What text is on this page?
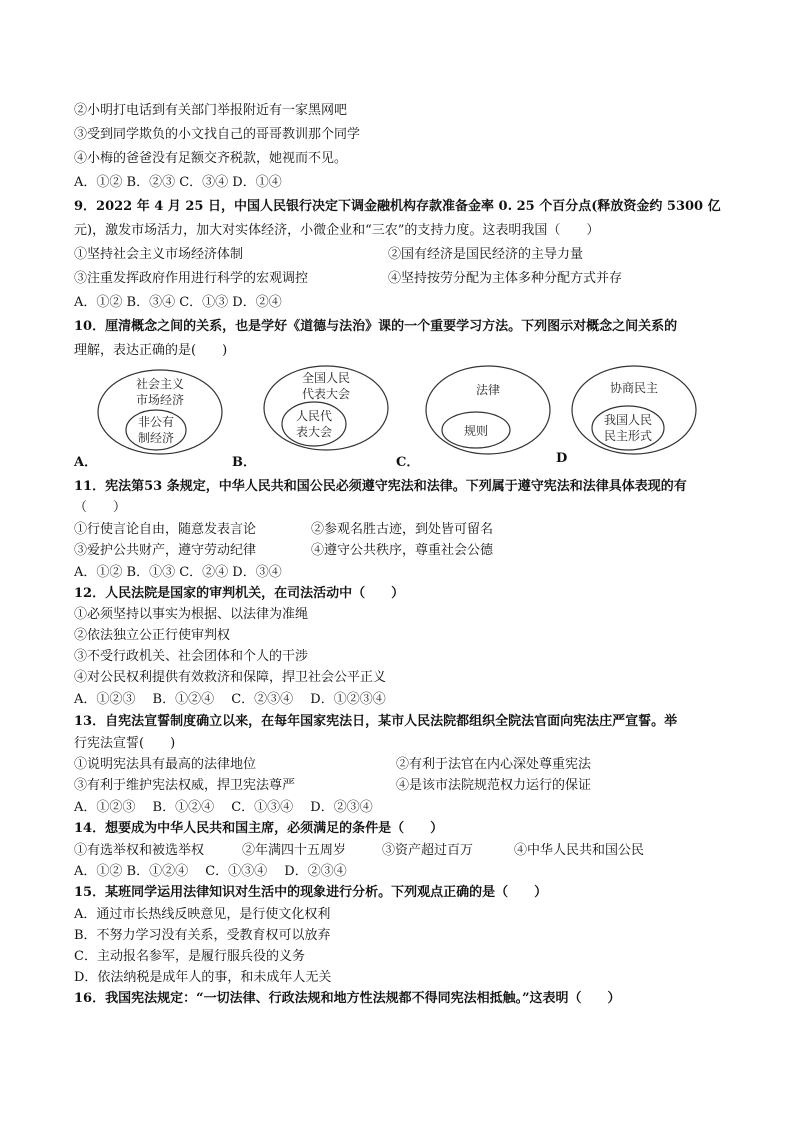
②小明打电话到有关部门举报附近有一家黑网吧
③受到同学欺负的小文找自己的哥哥教训那个同学
④小梅的爸爸没有足额交齐税款，她视而不见。
A．①② B．②③ C．③④ D．①④
9．2022 年 4 月 25 日，中国人民银行决定下调金融机构存款准备金率 0. 25 个百分点(释放资金约 5300 亿
元)，激发市场活力，加大对实体经济，小微企业和“三农”的支持力度。这表明我国（　　）
①坚持社会主义市场经济体制	②国有经济是国民经济的主导力量
③注重发挥政府作用进行科学的宏观调控	④坚持按劳分配为主体多种分配方式并存
A．①② B．③④ C．①③ D．②④
10．厘清概念之间的关系，也是学好《道德与法治》课的一个重要学习方法。下列图示对概念之间关系的
理解，表达正确的是(　　)
社会主义
市场经济
非公有
制经济
全国人民
代表大会
人民代
表大会
法律
规则
协商民主
我国人民
民主形式
A．	B．	C．	D
11．宪法第53 条规定，中华人民共和国公民必须遵守宪法和法律。下列属于遵守宪法和法律具体表现的有
（　　）
①行使言论自由，随意发表言论	②参观名胜古迹，到处皆可留名
③爱护公共财产，遵守劳动纪律	④遵守公共秩序，尊重社会公德
A．①② B．①③ C．②④ D．③④
12．人民法院是国家的审判机关，在司法活动中（　　）
①必须坚持以事实为根据、以法律为准绳
②依法独立公正行使审判权
③不受行政机关、社会团体和个人的干涉
④对公民权利提供有效救济和保障，捍卫社会公平正义
A．①②③　 B．①②④　 C．②③④　 D．①②③④
13．自宪法宣誓制度确立以来，在每年国家宪法日，某市人民法院都组织全院法官面向宪法庄严宣誓。举
行宪法宣誓(　　)
①说明宪法具有最高的法律地位	②有利于法官在内心深处尊重宪法
③有利于维护宪法权威，捍卫宪法尊严	④是该市法院规范权力运行的保证
A．①②③　 B．①②④　 C．①③④　 D．②③④
14．想要成为中华人民共和国主席，必须满足的条件是（　　）
①有选举权和被选举权	②年满四十五周岁	③资产超过百万	④中华人民共和国公民
A．①② B．①②④　 C．①③④　 D．②③④
15．某班同学运用法律知识对生活中的现象进行分析。下列观点正确的是（　　）
A．通过市长热线反映意见，是行使文化权利
B．不努力学习没有关系，受教育权可以放弃
C．主动报名参军，是履行服兵役的义务
D．依法纳税是成年人的事，和未成年人无关
16．我国宪法规定：“一切法律、行政法规和地方性法规都不得同宪法相抵触。”这表明（　　）
